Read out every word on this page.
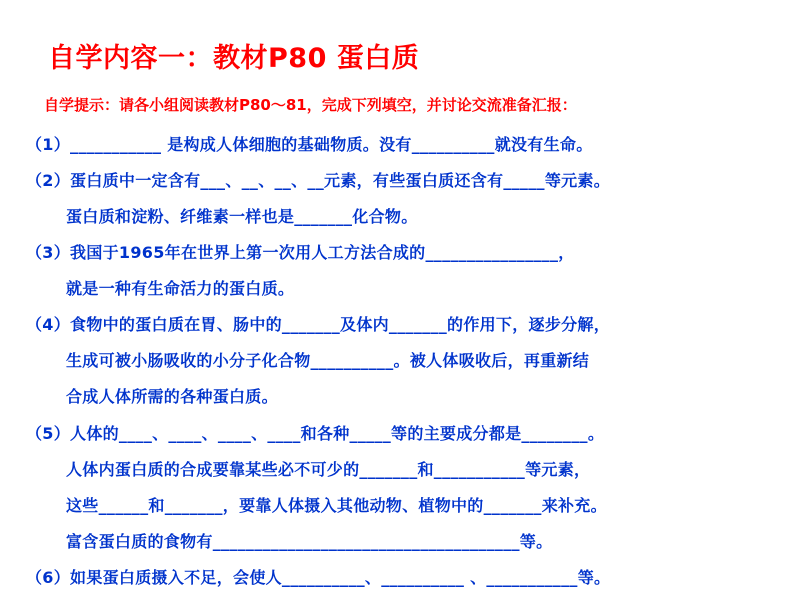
自学内容一：教材P80 蛋白质
自学提示：请各小组阅读教材P80～81，完成下列填空，并讨论交流准备汇报：
（1）___________ 是构成人体细胞的基础物质。没有__________就没有生命。
（2）蛋白质中一定含有___、__、__、__元素，有些蛋白质还含有_____等元素。
蛋白质和淀粉、纤维素一样也是_______化合物。
（3）我国于1965年在世界上第一次用人工方法合成的________________，
就是一种有生命活力的蛋白质。
（4）食物中的蛋白质在胃、肠中的_______及体内_______的作用下，逐步分解，
生成可被小肠吸收的小分子化合物__________。被人体吸收后，再重新结
合成人体所需的各种蛋白质。
（5）人体的____、____、____、____和各种_____等的主要成分都是________。
人体内蛋白质的合成要靠某些必不可少的_______和___________等元素，
这些______和_______，要靠人体摄入其他动物、植物中的_______来补充。
富含蛋白质的食物有_____________________________________等。
（6）如果蛋白质摄入不足，会使人__________、__________ 、___________等。
